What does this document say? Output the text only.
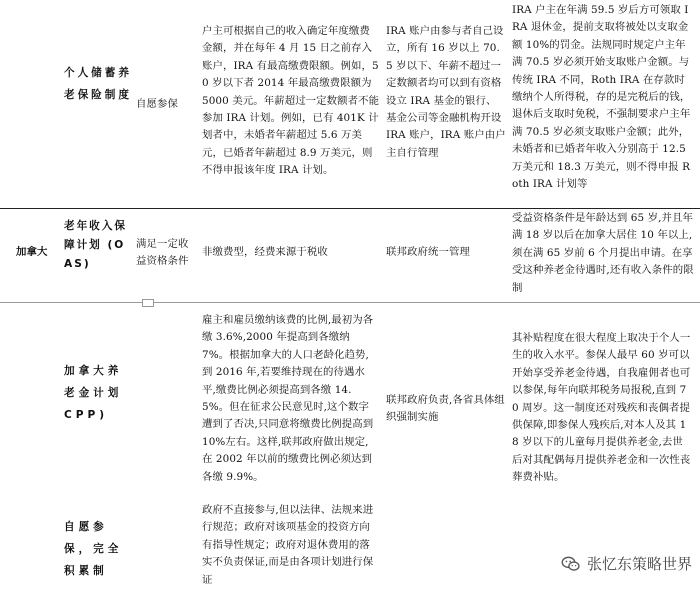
个人储蓄养老保险制度
自愿参保
户主可根据自己的收入确定年度缴费金额，并在每年 4 月 15 日之前存入账户，IRA 有最高缴费限额。例如，50 岁以下者 2014 年最高缴费限额为 5000 美元。年薪超过一定数额者不能参加 IRA 计划。例如，已有 401K 计划者中，未婚者年薪超过 5.6 万美元，已婚者年薪超过 8.9 万美元，则不得申报该年度 IRA 计划。
IRA 账户由参与者自己设立，所有 16 岁以上 70.5 岁以下、年薪不超过一定数额者均可以到有资格设立 IRA 基金的银行、基金公司等金融机构开设 IRA 账户，IRA 账户由户主自行管理
IRA 户主在年满 59.5 岁后方可领取 IRA 退休金，提前支取将被处以支取金额 10%的罚金。法规同时规定户主年满 70.5 岁必须开始支取账户金额。与传统 IRA 不同，Roth IRA 在存款时缴纳个人所得税，存的是完税后的钱，退休后支取时免税，不强制要求户主年满 70.5 岁必须支取账户金额；此外，未婚者和已婚者年收入分别高于 12.5 万美元和 18.3 万美元，则不得申报 Roth IRA 计划等
加拿大
老年收入保障计划 (OAS)
满足一定收益资格条件
非缴费型，经费来源于税收	联邦政府统一管理
受益资格条件是年龄达到 65 岁,并且年满 18 岁以后在加拿大居住 10 年以上,须在满 65 岁前 6 个月提出申请。在享受这种养老金待遇时,还有收入条件的限制
加拿大养老金计划 CPP)
雇主和雇员缴纳该费的比例,最初为各缴 3.6%,2000 年提高到各缴纳 7%。根据加拿大的人口老龄化趋势,到 2016 年,若要维持现在的待遇水平,缴费比例必须提高到各缴 14.5%。但在征求公民意见时,这个数字遭到了否决,只同意将缴费比例提高到 10%左右。这样,联邦政府做出规定,在 2002 年以前的缴费比例必须达到各缴 9.9%。
联邦政府负责,各省具体组织强制实施
其补贴程度在很大程度上取决于个人一生的收入水平。参保人最早 60 岁可以开始享受养老金待遇，自我雇佣者也可以参保,每年向联邦税务局报税,直到 70 周岁。这一制度还对残疾和丧偶者提供保障,即参保人残疾后,对本人及其 18 岁以下的儿童每月提供养老金,去世后对其配偶每月提供养老金和一次性丧葬费补贴。
自愿参保，完全积累制
政府不直接参与,但以法律、法规来进行规范；政府对该项基金的投资方向有指导性规定；政府对退休费用的落实不负责保证,而是由各项计划进行保证
张忆东策略世界
